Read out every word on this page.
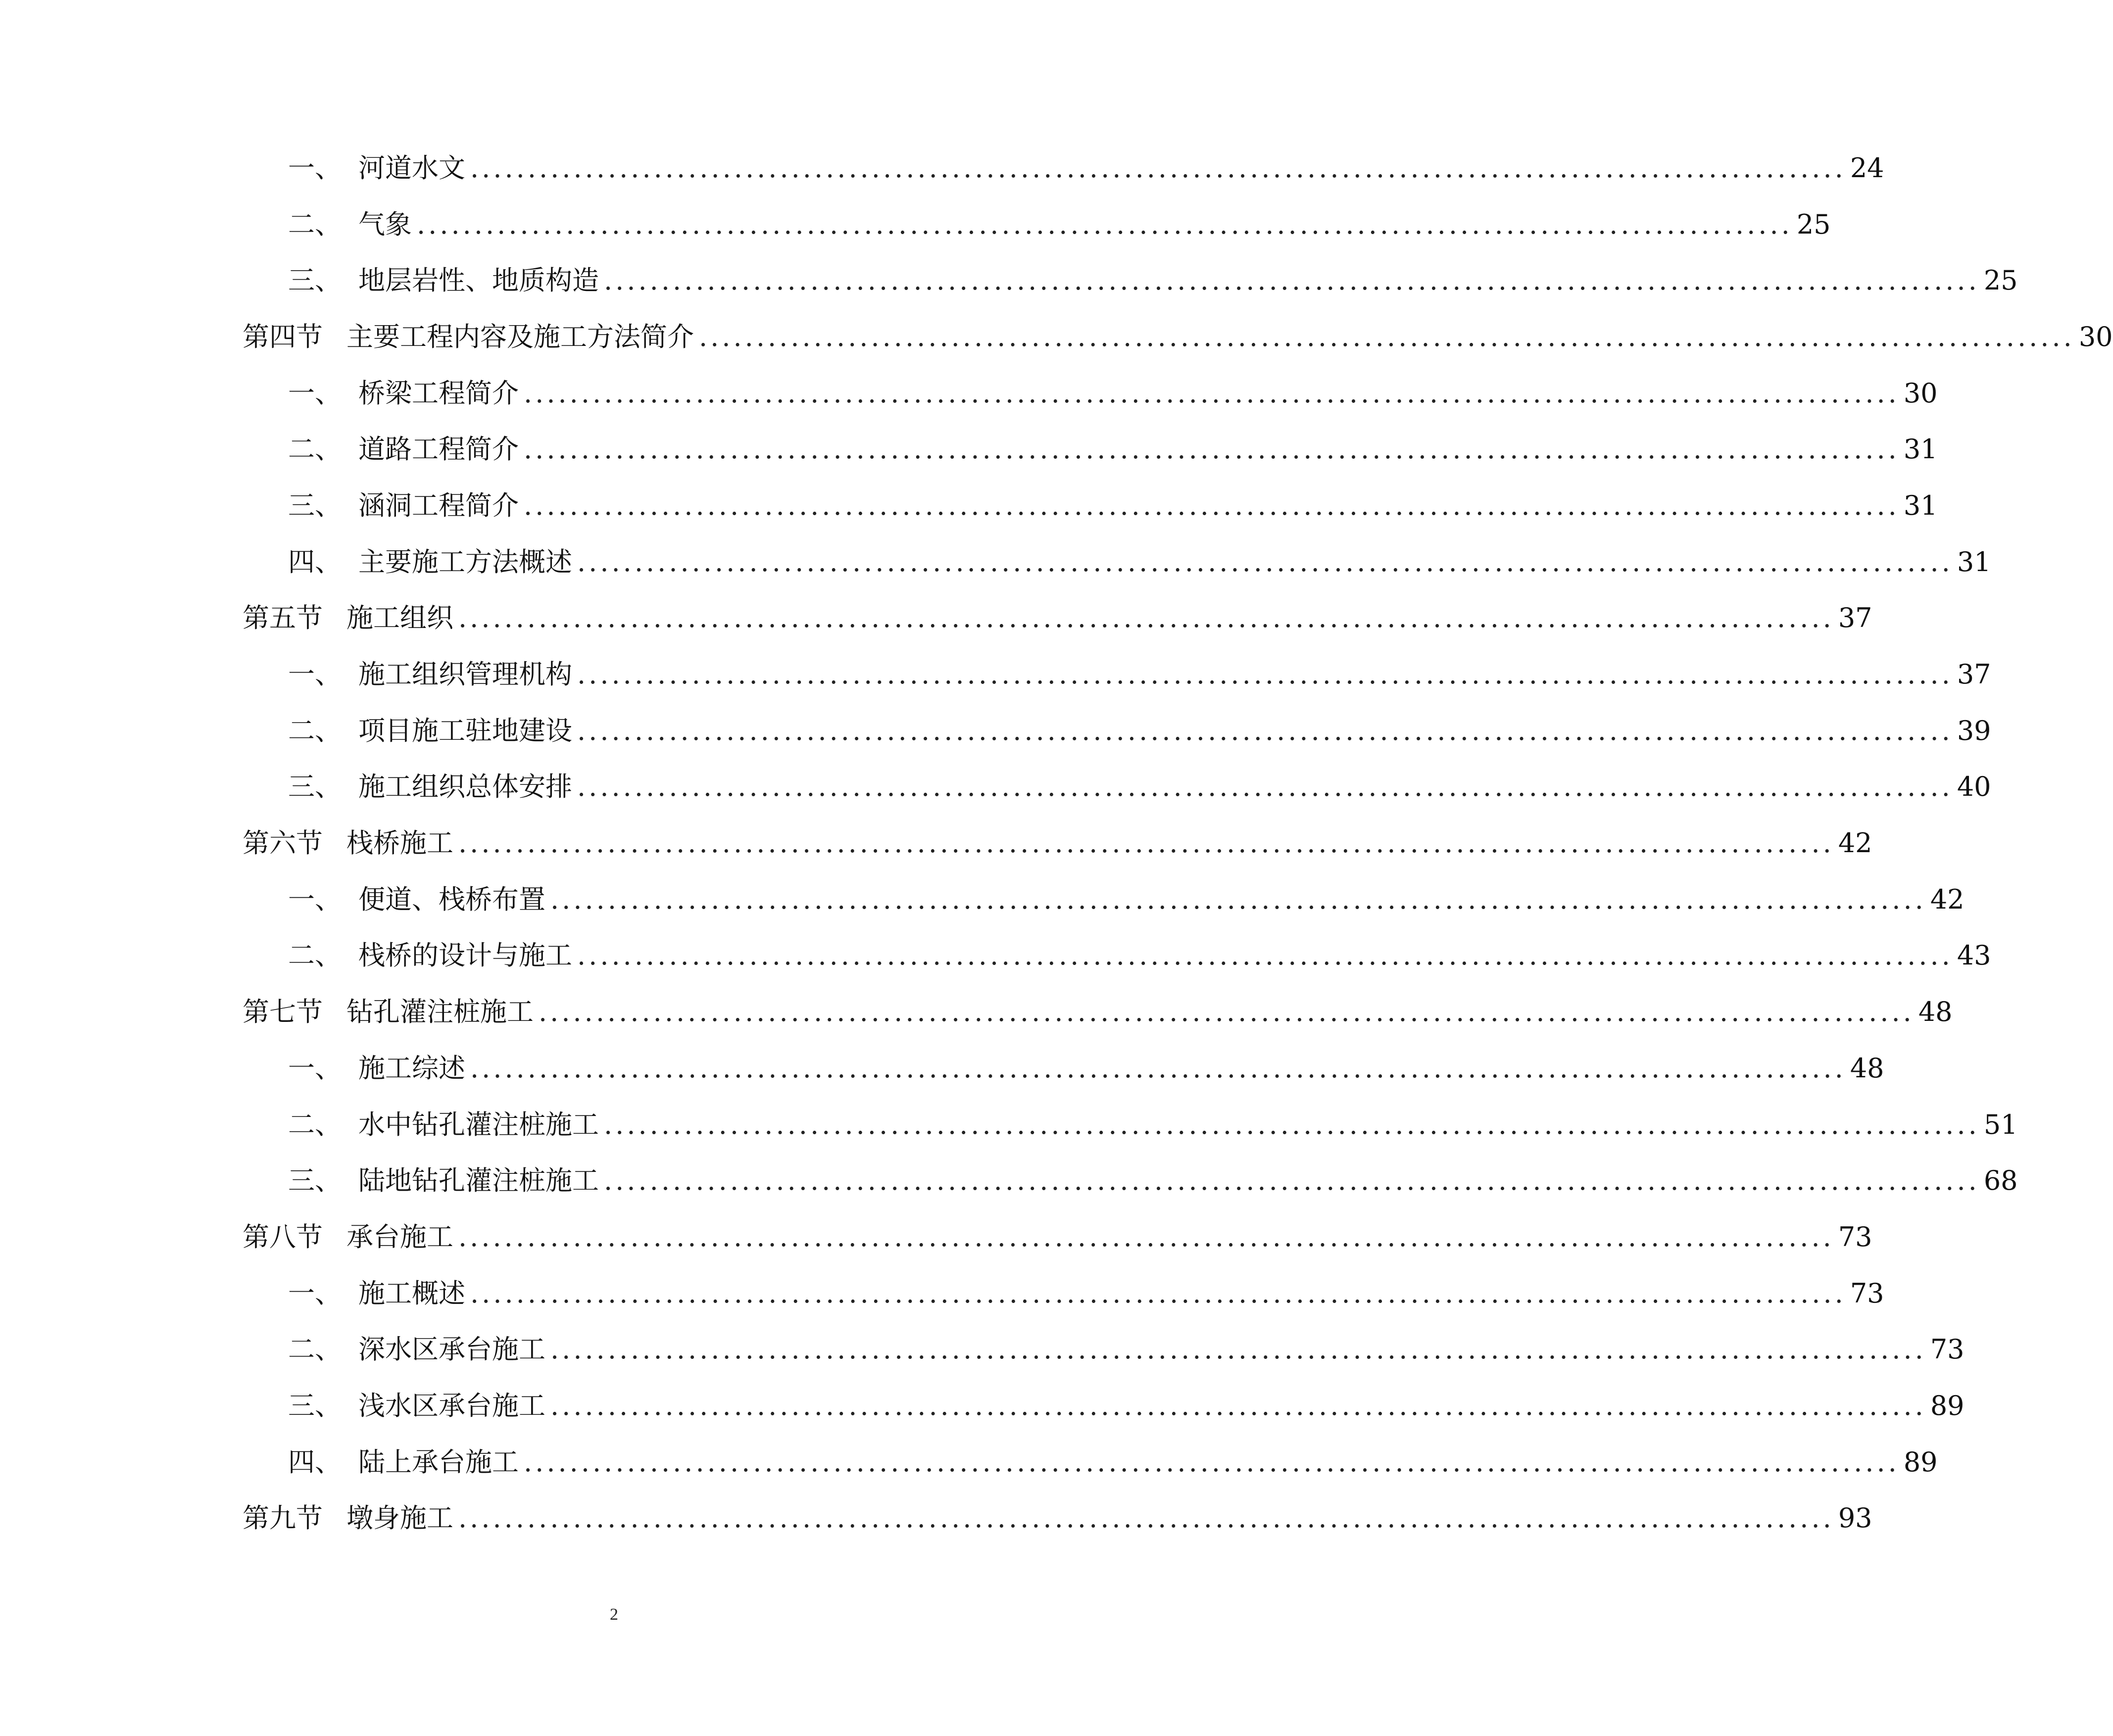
一、 河道水文 ........................................................................................................................ 24
二、 气象 ........................................................................................................................ 25
三、 地层岩性、地质构造 ........................................................................................................................ 25
第四节 主要工程内容及施工方法简介 ........................................................................................................................ 30
一、 桥梁工程简介 ........................................................................................................................ 30
二、 道路工程简介 ........................................................................................................................ 31
三、 涵洞工程简介 ........................................................................................................................ 31
四、 主要施工方法概述 ........................................................................................................................ 31
第五节 施工组织 ........................................................................................................................ 37
一、 施工组织管理机构 ........................................................................................................................ 37
二、 项目施工驻地建设 ........................................................................................................................ 39
三、 施工组织总体安排 ........................................................................................................................ 40
第六节 栈桥施工 ........................................................................................................................ 42
一、 便道、栈桥布置 ........................................................................................................................ 42
二、 栈桥的设计与施工 ........................................................................................................................ 43
第七节 钻孔灌注桩施工 ........................................................................................................................ 48
一、 施工综述 ........................................................................................................................ 48
二、 水中钻孔灌注桩施工 ........................................................................................................................ 51
三、 陆地钻孔灌注桩施工 ........................................................................................................................ 68
第八节 承台施工 ........................................................................................................................ 73
一、 施工概述 ........................................................................................................................ 73
二、 深水区承台施工 ........................................................................................................................ 73
三、 浅水区承台施工 ........................................................................................................................ 89
四、 陆上承台施工 ........................................................................................................................ 89
第九节 墩身施工 ........................................................................................................................ 93
2
